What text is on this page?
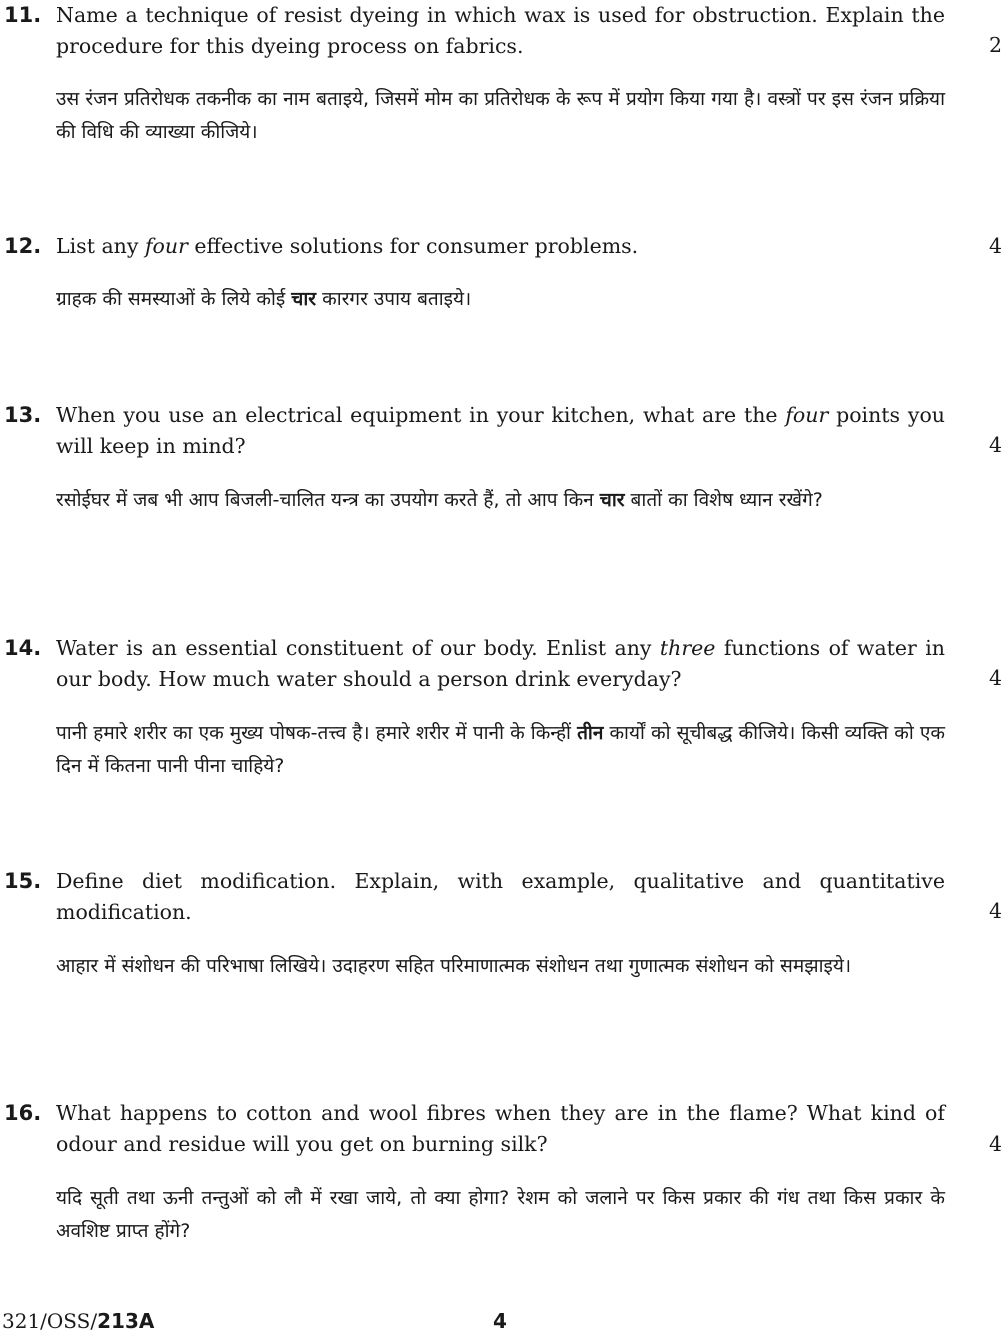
11. Name a technique of resist dyeing in which wax is used for obstruction. Explain the procedure for this dyeing process on fabrics.	2

उस रंजन प्रतिरोधक तकनीक का नाम बताइये, जिसमें मोम का प्रतिरोधक के रूप में प्रयोग किया गया है। वस्त्रों पर इस रंजन प्रक्रिया की विधि की व्याख्या कीजिये।

12. List any four effective solutions for consumer problems.	4

ग्राहक की समस्याओं के लिये कोई चार कारगर उपाय बताइये।

13. When you use an electrical equipment in your kitchen, what are the four points you will keep in mind?	4

रसोईघर में जब भी आप बिजली-चालित यन्त्र का उपयोग करते हैं, तो आप किन चार बातों का विशेष ध्यान रखेंगे?

14. Water is an essential constituent of our body. Enlist any three functions of water in our body. How much water should a person drink everyday?	4

पानी हमारे शरीर का एक मुख्य पोषक-तत्त्व है। हमारे शरीर में पानी के किन्हीं तीन कार्यों को सूचीबद्ध कीजिये। किसी व्यक्ति को एक दिन में कितना पानी पीना चाहिये?

15. Define diet modification. Explain, with example, qualitative and quantitative modification.	4

आहार में संशोधन की परिभाषा लिखिये। उदाहरण सहित परिमाणात्मक संशोधन तथा गुणात्मक संशोधन को समझाइये।

16. What happens to cotton and wool fibres when they are in the flame? What kind of odour and residue will you get on burning silk?	4

यदि सूती तथा ऊनी तन्तुओं को लौ में रखा जाये, तो क्या होगा? रेशम को जलाने पर किस प्रकार की गंध तथा किस प्रकार के अवशिष्ट प्राप्त होंगे?

321/OSS/213A	4
